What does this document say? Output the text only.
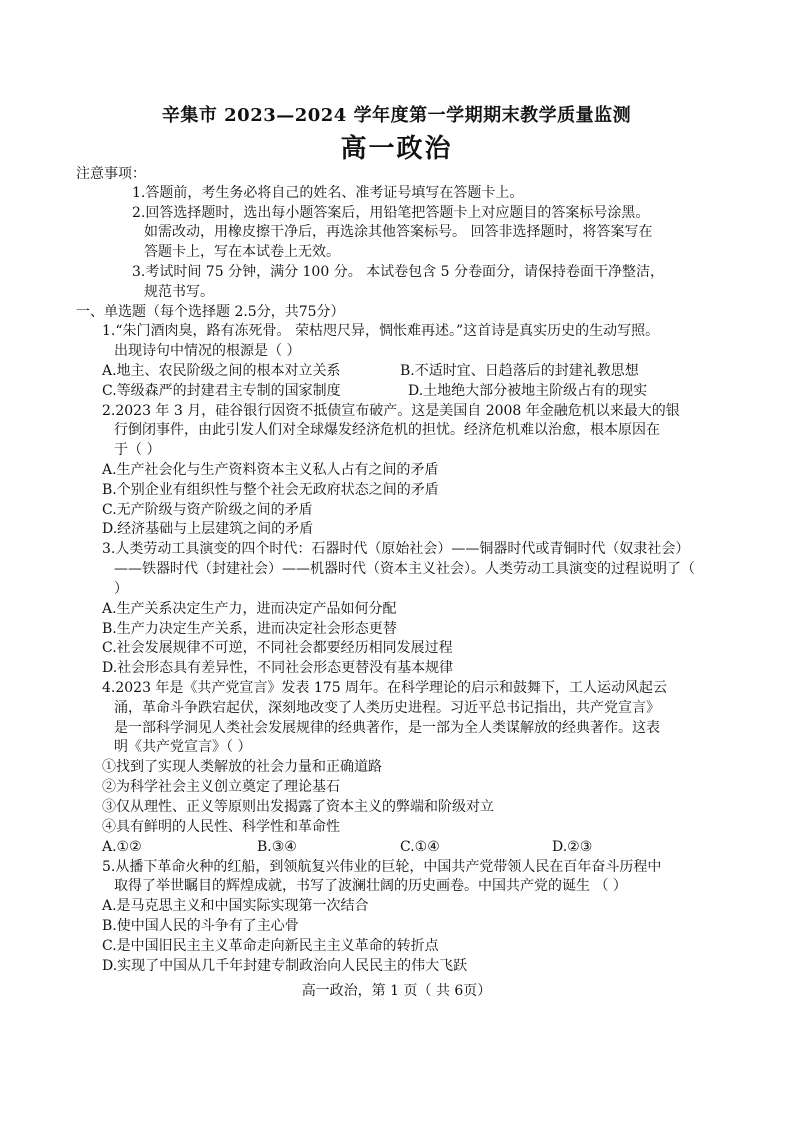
辛集市 2023—2024 学年度第一学期期末教学质量监测
高一政治
注意事项：
1.答题前，考生务必将自己的姓名、准考证号填写在答题卡上。
2.回答选择题时，选出每小题答案后，用铅笔把答题卡上对应题目的答案标号涂黑。
如需改动，用橡皮擦干净后，再选涂其他答案标号。 回答非选择题时，将答案写在
答题卡上，写在本试卷上无效。
3.考试时间 75 分钟，满分 100 分。 本试卷包含 5 分卷面分，请保持卷面干净整洁，
规范书写。
一、单选题（每个选择题 2.5分，共75分）
1.“朱门酒肉臭，路有冻死骨。 荣枯咫尺异，惆怅难再述。”这首诗是真实历史的生动写照。
出现诗句中情况的根源是（ ）
A.地主、农民阶级之间的根本对立关系	B.不适时宜、日趋落后的封建礼教思想
C.等级森严的封建君主专制的国家制度	D.土地绝大部分被地主阶级占有的现实
2.2023 年 3 月，硅谷银行因资不抵债宣布破产。这是美国自 2008 年金融危机以来最大的银
行倒闭事件，由此引发人们对全球爆发经济危机的担忧。经济危机难以治愈，根本原因在
于（ ）
A.生产社会化与生产资料资本主义私人占有之间的矛盾
B.个别企业有组织性与整个社会无政府状态之间的矛盾
C.无产阶级与资产阶级之间的矛盾
D.经济基础与上层建筑之间的矛盾
3.人类劳动工具演变的四个时代：石器时代（原始社会）——铜器时代或青铜时代（奴隶社会）
——铁器时代（封建社会）——机器时代（资本主义社会）。人类劳动工具演变的过程说明了（
）
A.生产关系决定生产力，进而决定产品如何分配
B.生产力决定生产关系，进而决定社会形态更替
C.社会发展规律不可逆，不同社会都要经历相同发展过程
D.社会形态具有差异性，不同社会形态更替没有基本规律
4.2023 年是《共产党宣言》发表 175 周年。在科学理论的启示和鼓舞下，工人运动风起云
涌，革命斗争跌宕起伏，深刻地改变了人类历史进程。习近平总书记指出，共产党宣言》
是一部科学洞见人类社会发展规律的经典著作，是一部为全人类谋解放的经典著作。这表
明《共产党宣言》（ ）
①找到了实现人类解放的社会力量和正确道路
②为科学社会主义创立奠定了理论基石
③仅从理性、正义等原则出发揭露了资本主义的弊端和阶级对立
④具有鲜明的人民性、科学性和革命性
A.①②	B.③④	C.①④	D.②③
5.从播下革命火种的红船，到领航复兴伟业的巨轮，中国共产党带领人民在百年奋斗历程中
取得了举世瞩目的辉煌成就，书写了波澜壮阔的历史画卷。中国共产党的诞生 （ ）
A.是马克思主义和中国实际实现第一次结合
B.使中国人民的斗争有了主心骨
C.是中国旧民主主义革命走向新民主主义革命的转折点
D.实现了中国从几千年封建专制政治向人民民主的伟大飞跃
高一政治，第 1 页（ 共 6页）
